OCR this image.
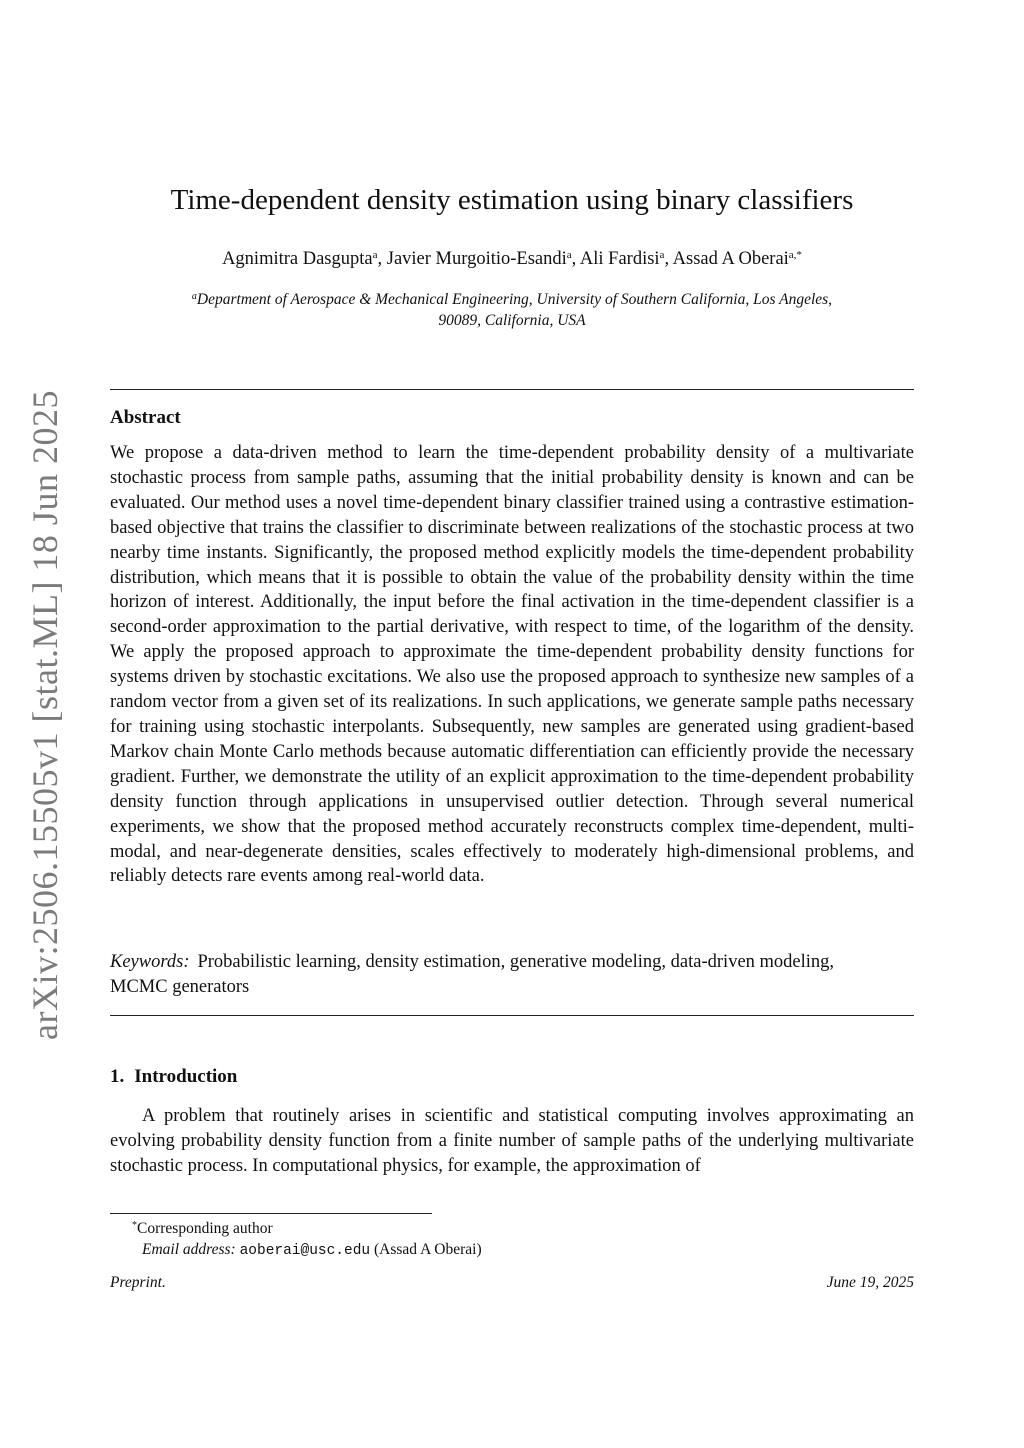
arXiv:2506.15505v1 [stat.ML] 18 Jun 2025
Time-dependent density estimation using binary classifiers
Agnimitra Dasgupta$^a$, Javier Murgoitio-Esandi$^a$, Ali Fardisi$^a$, Assad A Oberai$^{a,*}$
$^a$Department of Aerospace & Mechanical Engineering, University of Southern California, Los Angeles, 90089, California, USA
Abstract

We propose a data-driven method to learn the time-dependent probability density of a multivariate stochastic process from sample paths, assuming that the initial probability density is known and can be evaluated. Our method uses a novel time-dependent binary classifier trained using a contrastive estimation-based objective that trains the classifier to discriminate between realizations of the stochastic process at two nearby time instants. Significantly, the proposed method explicitly models the time-dependent probability distribution, which means that it is possible to obtain the value of the probability density within the time horizon of interest. Additionally, the input before the final activation in the time-dependent classifier is a second-order approximation to the partial derivative, with respect to time, of the logarithm of the density. We apply the proposed approach to approximate the time-dependent probability density functions for systems driven by stochastic excitations. We also use the proposed approach to synthesize new samples of a random vector from a given set of its realizations. In such applications, we generate sample paths necessary for training using stochastic interpolants. Subsequently, new samples are generated using gradient-based Markov chain Monte Carlo methods because automatic differentiation can efficiently provide the necessary gradient. Further, we demonstrate the utility of an explicit approximation to the time-dependent probability density function through applications in unsupervised outlier detection. Through several numerical experiments, we show that the proposed method accurately reconstructs complex time-dependent, multi-modal, and near-degenerate densities, scales effectively to moderately high-dimensional problems, and reliably detects rare events among real-world data.

Keywords: Probabilistic learning, density estimation, generative modeling, data-driven modeling, MCMC generators

1. Introduction

A problem that routinely arises in scientific and statistical computing involves approximating an evolving probability density function from a finite number of sample paths of the underlying multivariate stochastic process. In computational physics, for example, the approximation of

*Corresponding author
Email address: aoberai@usc.edu (Assad A Oberai)
Preprint.	June 19, 2025
